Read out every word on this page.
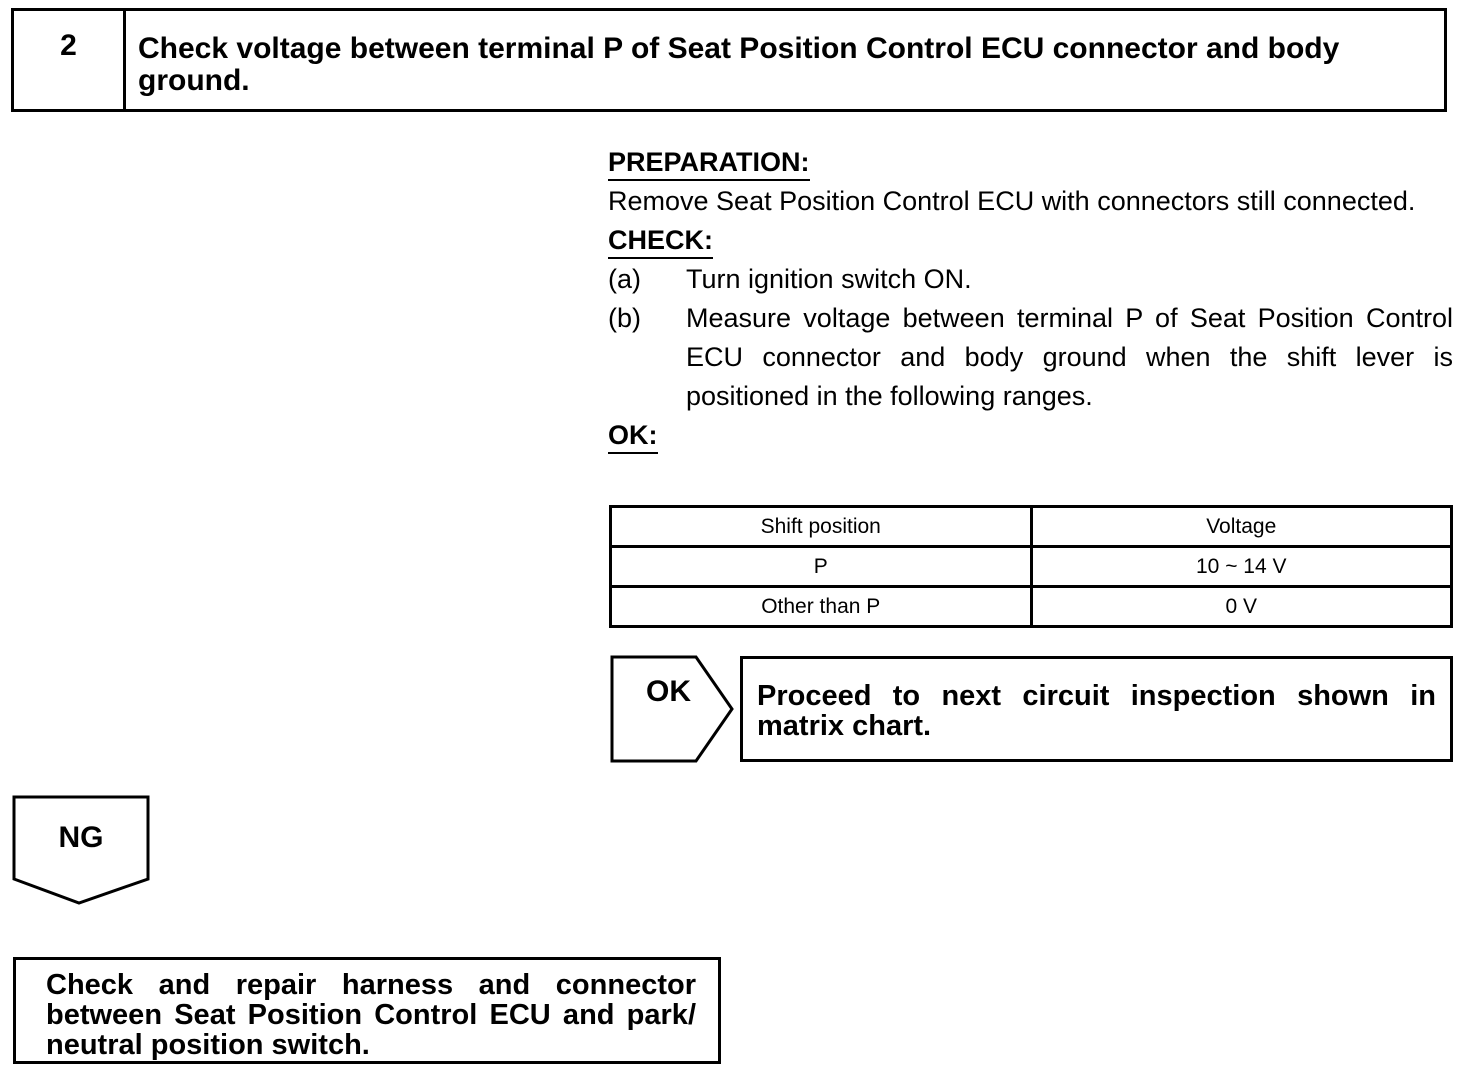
2	Check voltage between terminal P of Seat Position Control ECU connector and body ground.
PREPARATION:

Remove Seat Position Control ECU with connectors still connected.

CHECK:
(a)	Turn ignition switch ON.
(b)	Measure voltage between terminal P of Seat Position Control ECU connector and body ground when the shift lever is positioned in the following ranges.
OK:
Shift position	Voltage
P	10 ~ 14 V
Other than P	0 V
OK	Proceed to next circuit inspection shown in matrix chart.
NG
Check and repair harness and connector between Seat Position Control ECU and park/ neutral position switch.
